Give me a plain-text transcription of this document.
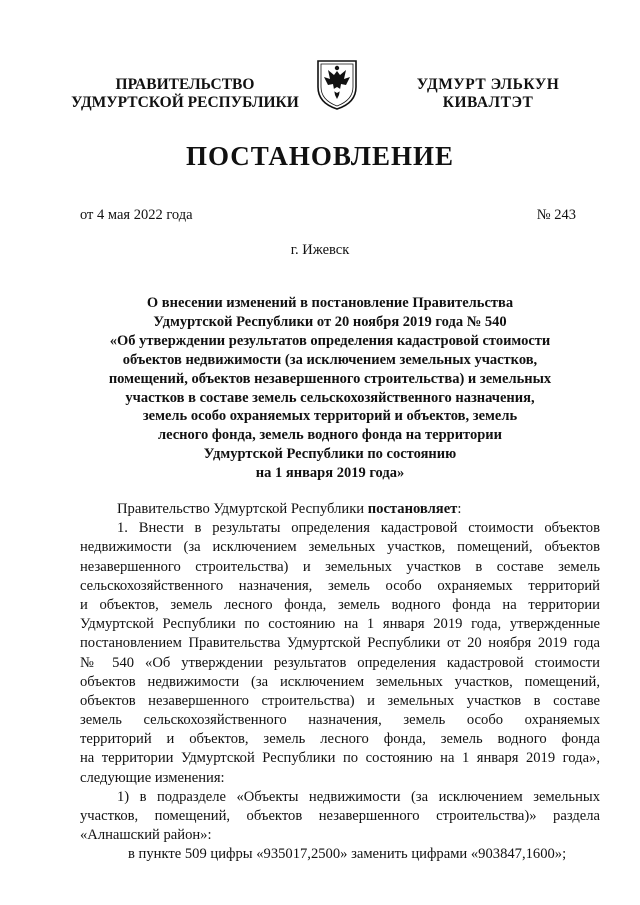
ПРАВИТЕЛЬСТВО
УДМУРТСКОЙ РЕСПУБЛИКИ
УДМУРТ ЭЛЬКУН
КИВАЛТЭТ
ПОСТАНОВЛЕНИЕ
от 4 мая 2022 года	№ 243
г. Ижевск
О внесении изменений в постановление Правительства
Удмуртской Республики от 20 ноября 2019 года № 540
«Об утверждении результатов определения кадастровой стоимости
объектов недвижимости (за исключением земельных участков,
помещений, объектов незавершенного строительства) и земельных
участков в составе земель сельскохозяйственного назначения,
земель особо охраняемых территорий и объектов, земель
лесного фонда, земель водного фонда на территории
Удмуртской Республики по состоянию
на 1 января 2019 года»
Правительство Удмуртской Республики постановляет:
1. Внести в результаты определения кадастровой стоимости объектов
недвижимости (за исключением земельных участков, помещений, объектов
незавершенного строительства) и земельных участков в составе земель
сельскохозяйственного назначения, земель особо охраняемых территорий
и объектов, земель лесного фонда, земель водного фонда на территории
Удмуртской Республики по состоянию на 1 января 2019 года, утвержденные
постановлением Правительства Удмуртской Республики от 20 ноября 2019 года
№ 540 «Об утверждении результатов определения кадастровой стоимости
объектов недвижимости (за исключением земельных участков, помещений,
объектов незавершенного строительства) и земельных участков в составе
земель сельскохозяйственного назначения, земель особо охраняемых
территорий и объектов, земель лесного фонда, земель водного фонда
на территории Удмуртской Республики по состоянию на 1 января 2019 года»,
следующие изменения:
1) в подразделе «Объекты недвижимости (за исключением земельных
участков, помещений, объектов незавершенного строительства)» раздела
«Алнашский район»:
в пункте 509 цифры «935017,2500» заменить цифрами «903847,1600»;
